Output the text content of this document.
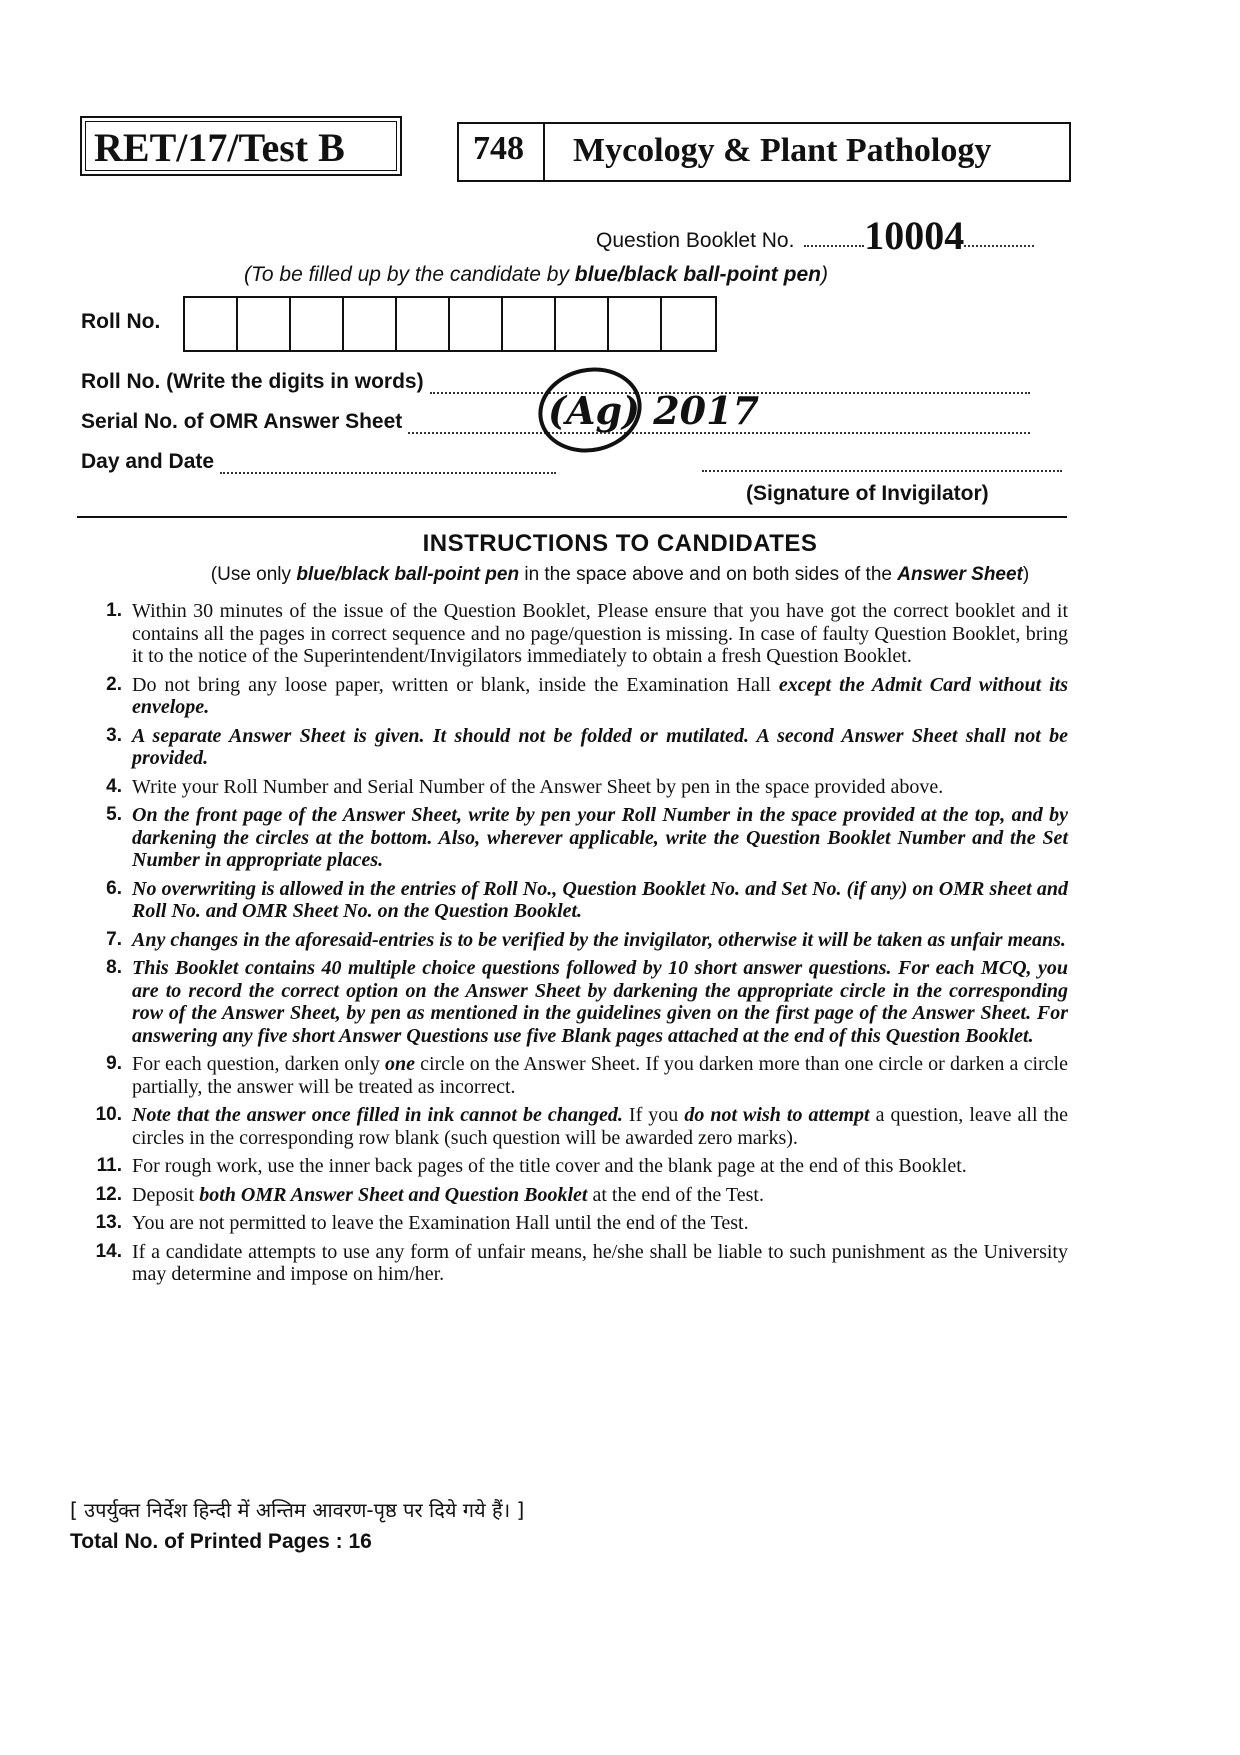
RET/17/Test B	748	Mycology & Plant Pathology
Question Booklet No. 10004
(To be filled up by the candidate by blue/black ball-point pen)
Roll No.
Roll No. (Write the digits in words)
Serial No. of OMR Answer Sheet
Day and Date
(Signature of Invigilator)
(Ag) 2017
INSTRUCTIONS TO CANDIDATES
(Use only blue/black ball-point pen in the space above and on both sides of the Answer Sheet)
1. Within 30 minutes of the issue of the Question Booklet, Please ensure that you have got the correct booklet and it contains all the pages in correct sequence and no page/question is missing. In case of faulty Question Booklet, bring it to the notice of the Superintendent/Invigilators immediately to obtain a fresh Question Booklet.
2. Do not bring any loose paper, written or blank, inside the Examination Hall except the Admit Card without its envelope.
3. A separate Answer Sheet is given. It should not be folded or mutilated. A second Answer Sheet shall not be provided.
4. Write your Roll Number and Serial Number of the Answer Sheet by pen in the space provided above.
5. On the front page of the Answer Sheet, write by pen your Roll Number in the space provided at the top, and by darkening the circles at the bottom. Also, wherever applicable, write the Question Booklet Number and the Set Number in appropriate places.
6. No overwriting is allowed in the entries of Roll No., Question Booklet No. and Set No. (if any) on OMR sheet and Roll No. and OMR Sheet No. on the Question Booklet.
7. Any changes in the aforesaid-entries is to be verified by the invigilator, otherwise it will be taken as unfair means.
8. This Booklet contains 40 multiple choice questions followed by 10 short answer questions. For each MCQ, you are to record the correct option on the Answer Sheet by darkening the appropriate circle in the corresponding row of the Answer Sheet, by pen as mentioned in the guidelines given on the first page of the Answer Sheet. For answering any five short Answer Questions use five Blank pages attached at the end of this Question Booklet.
9. For each question, darken only one circle on the Answer Sheet. If you darken more than one circle or darken a circle partially, the answer will be treated as incorrect.
10. Note that the answer once filled in ink cannot be changed. If you do not wish to attempt a question, leave all the circles in the corresponding row blank (such question will be awarded zero marks).
11. For rough work, use the inner back pages of the title cover and the blank page at the end of this Booklet.
12. Deposit both OMR Answer Sheet and Question Booklet at the end of the Test.
13. You are not permitted to leave the Examination Hall until the end of the Test.
14. If a candidate attempts to use any form of unfair means, he/she shall be liable to such punishment as the University may determine and impose on him/her.
[ उपर्युक्त निर्देश हिन्दी में अन्तिम आवरण-पृष्ठ पर दिये गये हैं। ]
Total No. of Printed Pages : 16
